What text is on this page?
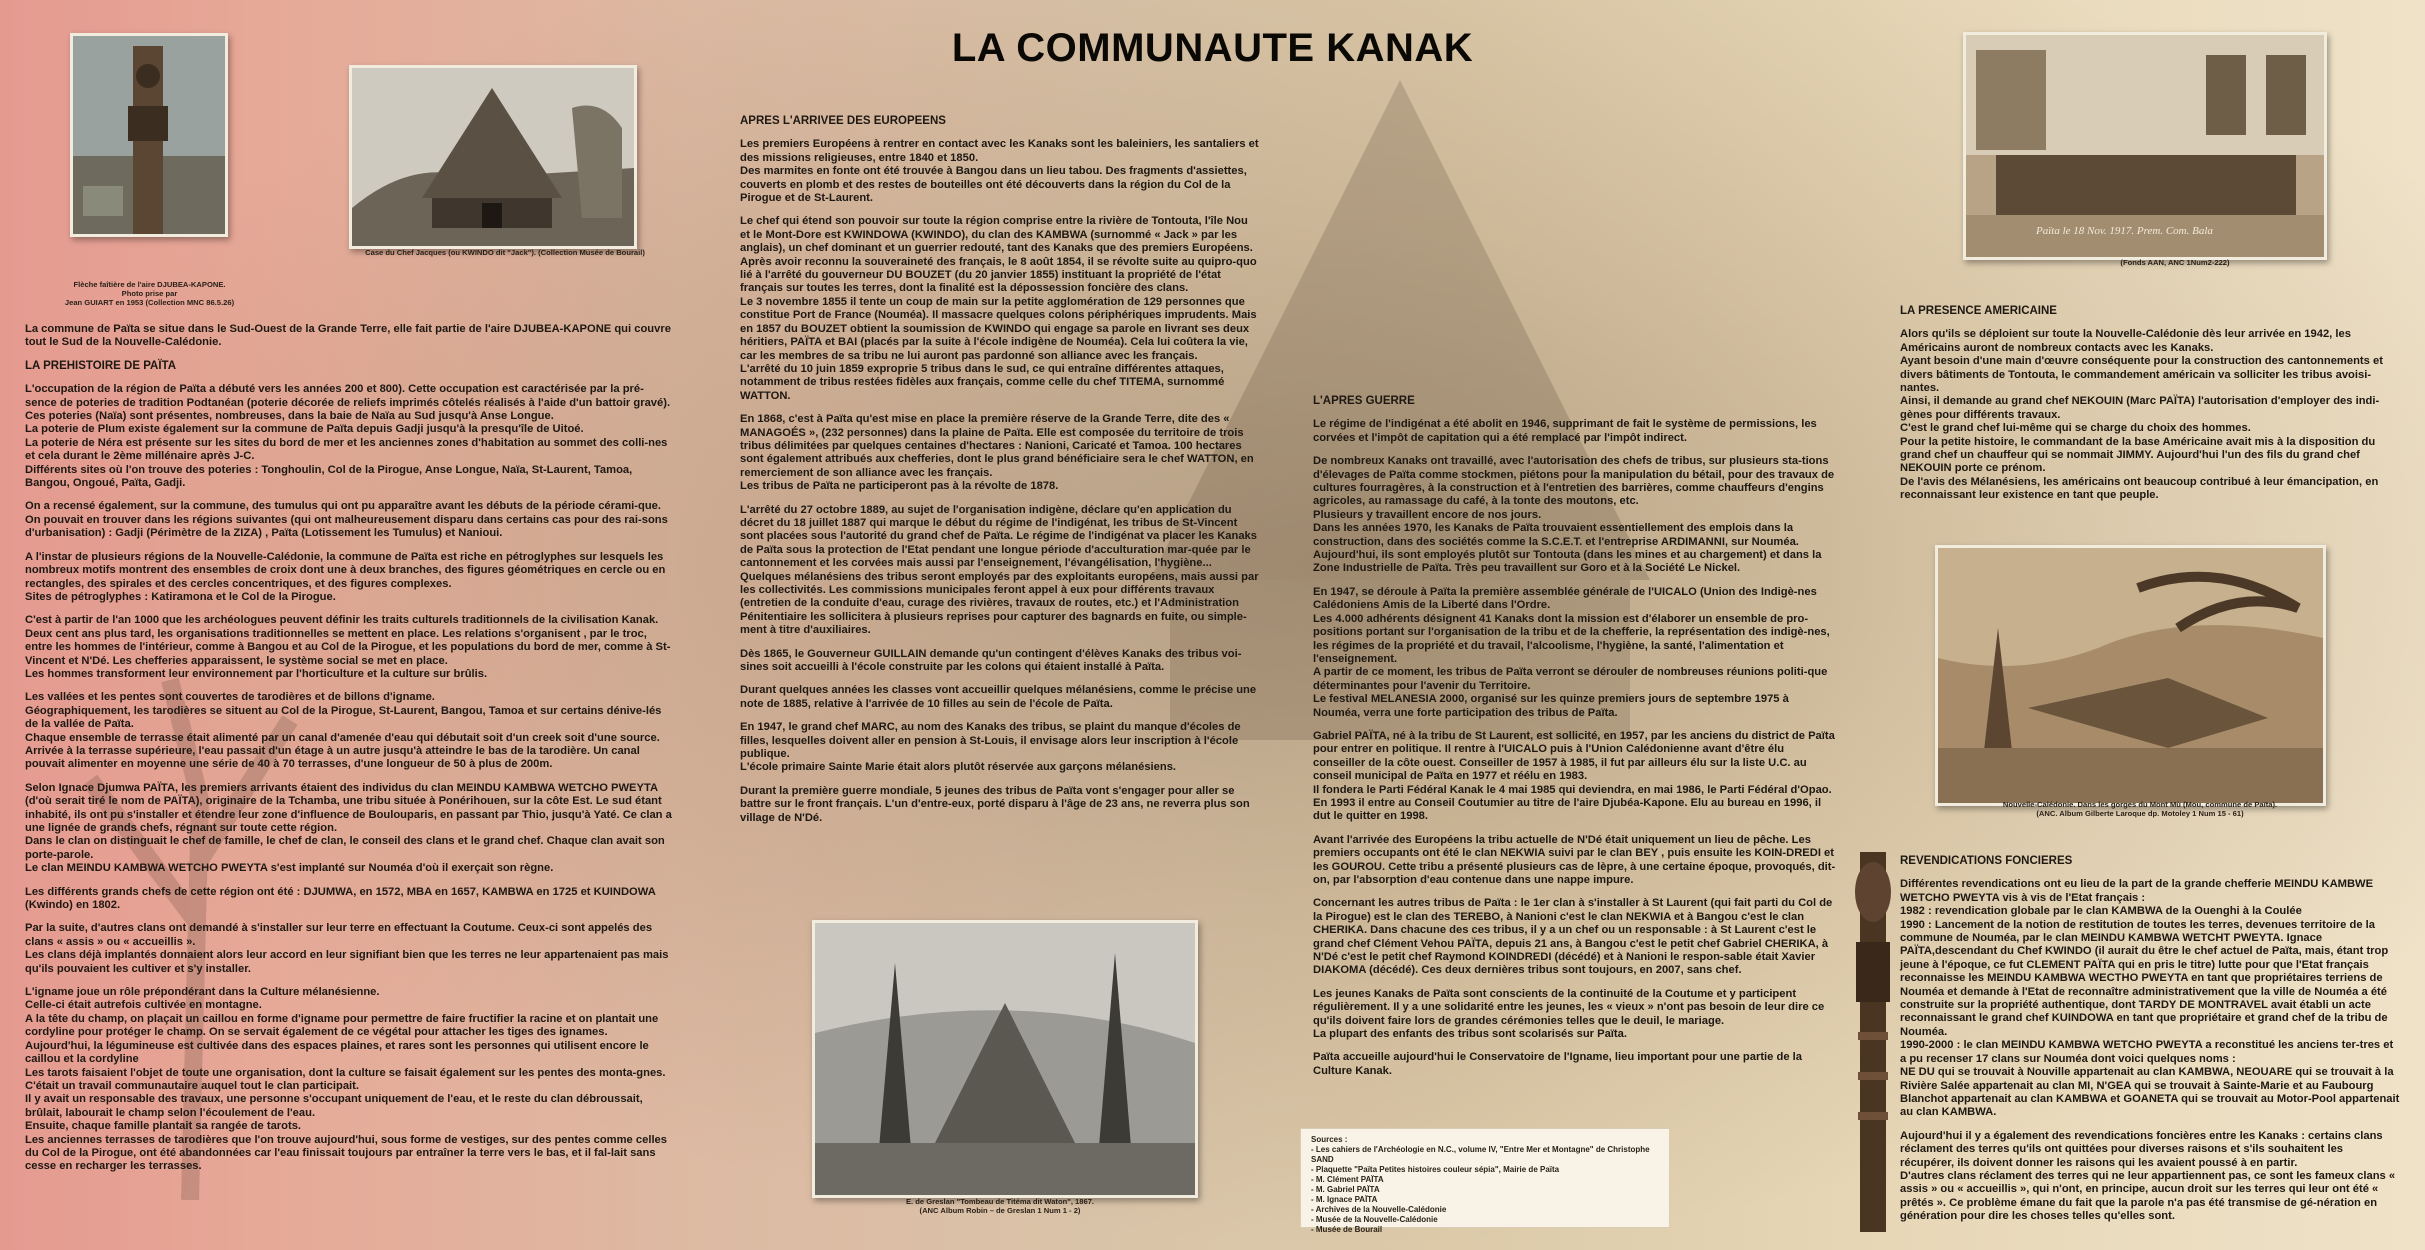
LA COMMUNAUTE KANAK
Flèche faîtière de l'aire DJUBEA-KAPONE. Photo prise par
Jean GUIART en 1953 (Collection MNC 86.5.26)
Case du Chef Jacques (ou KWINDO dit "Jack"). (Collection Musée de Bourail)
Païta le 18 Nov. 1917. Prem. Com. Bala
(Fonds AAN, ANC 1Num2-222)
Nouvelle-Calédonie. Dans les gorges du Mont Mù (Mou, commune de Païta).
(ANC. Album Gilberte Laroque dp. Motoley 1 Num 15 - 61)
E. de Greslan "Tombeau de Titéma dit Waton", 1867.
(ANC Album Robin – de Greslan 1 Num 1 - 2)

La commune de Païta se situe dans le Sud-Ouest de la Grande Terre, elle fait partie de l'aire DJUBEA-KAPONE qui couvre tout le Sud de la Nouvelle-Calédonie.

LA PREHISTOIRE DE PAÏTA

L'occupation de la région de Païta a débuté vers les années 200 et 800). Cette occupation est caractérisée par la pré-sence de poteries de tradition Podtanéan (poterie décorée de reliefs imprimés côtelés réalisés à l'aide d'un battoir gravé). Ces poteries (Naïa) sont présentes, nombreuses, dans la baie de Naïa au Sud jusqu'à Anse Longue.
La poterie de Plum existe également sur la commune de Païta depuis Gadji jusqu'à la presqu'île de Uitoé.
La poterie de Néra est présente sur les sites du bord de mer et les anciennes zones d'habitation au sommet des colli-nes et cela durant le 2ème millénaire après J-C.
Différents sites où l'on trouve des poteries : Tonghoulin, Col de la Pirogue, Anse Longue, Naïa, St-Laurent, Tamoa, Bangou, Ongoué, Païta, Gadji.

On a recensé également, sur la commune, des tumulus qui ont pu apparaître avant les débuts de la période cérami-que.
On pouvait en trouver dans les régions suivantes (qui ont malheureusement disparu dans certains cas pour des rai-sons d'urbanisation) : Gadji (Périmètre de la ZIZA) , Païta (Lotissement les Tumulus) et Nanioui.

A l'instar de plusieurs régions de la Nouvelle-Calédonie, la commune de Païta est riche en pétroglyphes sur lesquels les nombreux motifs montrent des ensembles de croix dont une à deux branches, des figures géométriques en cercle ou en rectangles, des spirales et des cercles concentriques, et des figures complexes.
Sites de pétroglyphes : Katiramona et le Col de la Pirogue.

C'est à partir de l'an 1000 que les archéologues peuvent définir les traits culturels traditionnels de la civilisation Kanak. Deux cent ans plus tard, les organisations traditionnelles se mettent en place. Les relations s'organisent , par le troc, entre les hommes de l'intérieur, comme à Bangou et au Col de la Pirogue, et les populations du bord de mer, comme à St-Vincent et N'Dé. Les chefferies apparaissent, le système social se met en place.
Les hommes transforment leur environnement par l'horticulture et la culture sur brûlis.

Les vallées et les pentes sont couvertes de tarodières et de billons d'igname.
Géographiquement, les tarodières se situent au Col de la Pirogue, St-Laurent, Bangou, Tamoa et sur certains dénive-lés de la vallée de Païta.
Chaque ensemble de terrasse était alimenté par un canal d'amenée d'eau qui débutait soit d'un creek soit d'une source. Arrivée à la terrasse supérieure, l'eau passait d'un étage à un autre jusqu'à atteindre le bas de la tarodière. Un canal pouvait alimenter en moyenne une série de 40 à 70 terrasses, d'une longueur de 50 à plus de 200m.

Selon Ignace Djumwa PAÏTA, les premiers arrivants étaient des individus du clan MEINDU KAMBWA WETCHO PWEYTA (d'où serait tiré le nom de PAÏTA), originaire de la Tchamba, une tribu située à Ponérihouen, sur la côte Est. Le sud étant inhabité, ils ont pu s'installer et étendre leur zone d'influence de Boulouparis, en passant par Thio, jusqu'à Yaté. Ce clan a une lignée de grands chefs, régnant sur toute cette région.
Dans le clan on distinguait le chef de famille, le chef de clan, le conseil des clans et le grand chef. Chaque clan avait son porte-parole.
Le clan MEINDU KAMBWA WETCHO PWEYTA s'est implanté sur Nouméa d'où il exerçait son règne.

Les différents grands chefs de cette région ont été : DJUMWA, en 1572, MBA en 1657, KAMBWA en 1725 et KUINDOWA (Kwindo) en 1802.

Par la suite, d'autres clans ont demandé à s'installer sur leur terre en effectuant la Coutume. Ceux-ci sont appelés des clans « assis » ou « accueillis ».
Les clans déjà implantés donnaient alors leur accord en leur signifiant bien que les terres ne leur appartenaient pas mais qu'ils pouvaient les cultiver et s'y installer.

L'igname joue un rôle prépondérant dans la Culture mélanésienne.
Celle-ci était autrefois cultivée en montagne.
A la tête du champ, on plaçait un caillou en forme d'igname pour permettre de faire fructifier la racine et on plantait une cordyline pour protéger le champ. On se servait également de ce végétal pour attacher les tiges des ignames.
Aujourd'hui, la légumineuse est cultivée dans des espaces plaines, et rares sont les personnes qui utilisent encore le caillou et la cordyline
Les tarots faisaient l'objet de toute une organisation, dont la culture se faisait également sur les pentes des monta-gnes. C'était un travail communautaire auquel tout le clan participait.
Il y avait un responsable des travaux, une personne s'occupant uniquement de l'eau, et le reste du clan débroussait, brûlait, labourait le champ selon l'écoulement de l'eau.
Ensuite, chaque famille plantait sa rangée de tarots.
Les anciennes terrasses de tarodières que l'on trouve aujourd'hui, sous forme de vestiges, sur des pentes comme celles du Col de la Pirogue, ont été abandonnées car l'eau finissait toujours par entraîner la terre vers le bas, et il fal-lait sans cesse en recharger les terrasses.

APRES L'ARRIVEE DES EUROPEENS

Les premiers Européens à rentrer en contact avec les Kanaks sont les baleiniers, les santaliers et des missions religieuses, entre 1840 et 1850.
Des marmites en fonte ont été trouvée à Bangou dans un lieu tabou. Des fragments d'assiettes, couverts en plomb et des restes de bouteilles ont été découverts dans la région du Col de la Pirogue et de St-Laurent.

Le chef qui étend son pouvoir sur toute la région comprise entre la rivière de Tontouta, l'île Nou et le Mont-Dore est KWINDOWA (KWINDO), du clan des KAMBWA (surnommé « Jack » par les anglais), un chef dominant et un guerrier redouté, tant des Kanaks que des premiers Européens.
Après avoir reconnu la souveraineté des français, le 8 août 1854, il se révolte suite au quipro-quo lié à l'arrêté du gouverneur DU BOUZET (du 20 janvier 1855) instituant la propriété de l'état français sur toutes les terres, dont la finalité est la dépossession foncière des clans.
Le 3 novembre 1855 il tente un coup de main sur la petite agglomération de 129 personnes que constitue Port de France (Nouméa). Il massacre quelques colons périphériques imprudents. Mais en 1857 du BOUZET obtient la soumission de KWINDO qui engage sa parole en livrant ses deux héritiers, PAÏTA et BAI (placés par la suite à l'école indigène de Nouméa). Cela lui coûtera la vie, car les membres de sa tribu ne lui auront pas pardonné son alliance avec les français.
L'arrêté du 10 juin 1859 exproprie 5 tribus dans le sud, ce qui entraîne différentes attaques, notamment de tribus restées fidèles aux français, comme celle du chef TITEMA, surnommé WATTON.

En 1868, c'est à Païta qu'est mise en place la première réserve de la Grande Terre, dite des « MANAGOÉS », (232 personnes) dans la plaine de Païta. Elle est composée du territoire de trois tribus délimitées par quelques centaines d'hectares : Nanioni, Caricaté et Tamoa. 100 hectares sont également attribués aux chefferies, dont le plus grand bénéficiaire sera le chef WATTON, en remerciement de son alliance avec les français.
Les tribus de Païta ne participeront pas à la révolte de 1878.

L'arrêté du 27 octobre 1889, au sujet de l'organisation indigène, déclare qu'en application du décret du 18 juillet 1887 qui marque le début du régime de l'indigénat, les tribus de St-Vincent sont placées sous l'autorité du grand chef de Païta. Le régime de l'indigénat va placer les Kanaks de Païta sous la protection de l'Etat pendant une longue période d'acculturation mar-quée par le cantonnement et les corvées mais aussi par l'enseignement, l'évangélisation, l'hygiène...
Quelques mélanésiens des tribus seront employés par des exploitants européens, mais aussi par les collectivités. Les commissions municipales feront appel à eux pour différents travaux (entretien de la conduite d'eau, curage des rivières, travaux de routes, etc.) et l'Administration Pénitentiaire les sollicitera à plusieurs reprises pour capturer des bagnards en fuite, ou simple-ment à titre d'auxiliaires.

Dès 1865, le Gouverneur GUILLAIN demande qu'un contingent d'élèves Kanaks des tribus voi-sines soit accueilli à l'école construite par les colons qui étaient installé à Païta.

Durant quelques années les classes vont accueillir quelques mélanésiens, comme le précise une note de 1885, relative à l'arrivée de 10 filles au sein de l'école de Païta.

En 1947, le grand chef MARC, au nom des Kanaks des tribus, se plaint du manque d'écoles de filles, lesquelles doivent aller en pension à St-Louis, il envisage alors leur inscription à l'école publique.
L'école primaire Sainte Marie était alors plutôt réservée aux garçons mélanésiens.

Durant la première guerre mondiale, 5 jeunes des tribus de Païta vont s'engager pour aller se battre sur le front français. L'un d'entre-eux, porté disparu à l'âge de 23 ans, ne reverra plus son village de N'Dé.

L'APRES GUERRE

Le régime de l'indigénat a été abolit en 1946, supprimant de fait le système de permissions, les corvées et l'impôt de capitation qui a été remplacé par l'impôt indirect.

De nombreux Kanaks ont travaillé, avec l'autorisation des chefs de tribus, sur plusieurs sta-tions d'élevages de Païta comme stockmen, piétons pour la manipulation du bétail, pour des travaux de cultures fourragères, à la construction et à l'entretien des barrières, comme chauffeurs d'engins agricoles, au ramassage du café, à la tonte des moutons, etc.
Plusieurs y travaillent encore de nos jours.
Dans les années 1970, les Kanaks de Païta trouvaient essentiellement des emplois dans la construction, dans des sociétés comme la S.C.E.T. et l'entreprise ARDIMANNI, sur Nouméa. Aujourd'hui, ils sont employés plutôt sur Tontouta (dans les mines et au chargement) et dans la Zone Industrielle de Païta. Très peu travaillent sur Goro et à la Société Le Nickel.

En 1947, se déroule à Païta la première assemblée générale de l'UICALO (Union des Indigè-nes Calédoniens Amis de la Liberté dans l'Ordre.
Les 4.000 adhérents désignent 41 Kanaks dont la mission est d'élaborer un ensemble de pro-positions portant sur l'organisation de la tribu et de la chefferie, la représentation des indigè-nes, les régimes de la propriété et du travail, l'alcoolisme, l'hygiène, la santé, l'alimentation et l'enseignement.
A partir de ce moment, les tribus de Païta verront se dérouler de nombreuses réunions politi-que déterminantes pour l'avenir du Territoire.
Le festival MELANESIA 2000, organisé sur les quinze premiers jours de septembre 1975 à Nouméa, verra une forte participation des tribus de Païta.

Gabriel PAÏTA, né à la tribu de St Laurent, est sollicité, en 1957, par les anciens du district de Païta pour entrer en politique. Il rentre à l'UICALO puis à l'Union Calédonienne avant d'être élu conseiller de la côte ouest. Conseiller de 1957 à 1985, il fut par ailleurs élu sur la liste U.C. au conseil municipal de Païta en 1977 et réélu en 1983.
Il fondera le Parti Fédéral Kanak le 4 mai 1985 qui deviendra, en mai 1986, le Parti Fédéral d'Opao. En 1993 il entre au Conseil Coutumier au titre de l'aire Djubéa-Kapone. Elu au bureau en 1996, il dut le quitter en 1998.

Avant l'arrivée des Européens la tribu actuelle de N'Dé était uniquement un lieu de pêche. Les premiers occupants ont été le clan NEKWIA suivi par le clan BEY , puis ensuite les KOIN-DREDI et les GOUROU. Cette tribu a présenté plusieurs cas de lèpre, à une certaine époque, provoqués, dit-on, par l'absorption d'eau contenue dans une nappe impure.

Concernant les autres tribus de Païta : le 1er clan à s'installer à St Laurent (qui fait parti du Col de la Pirogue) est le clan des TEREBO, à Nanioni c'est le clan NEKWIA et à Bangou c'est le clan CHERIKA. Dans chacune des ces tribus, il y a un chef ou un responsable : à St Laurent c'est le grand chef Clément Vehou PAÏTA, depuis 21 ans, à Bangou c'est le petit chef Gabriel CHERIKA, à N'Dé c'est le petit chef Raymond KOINDREDI (décédé) et à Nanioni le respon-sable était Xavier DIAKOMA (décédé). Ces deux dernières tribus sont toujours, en 2007, sans chef.

Les jeunes Kanaks de Païta sont conscients de la continuité de la Coutume et y participent régulièrement. Il y a une solidarité entre les jeunes, les « vieux » n'ont pas besoin de leur dire ce qu'ils doivent faire lors de grandes cérémonies telles que le deuil, le mariage.
La plupart des enfants des tribus sont scolarisés sur Païta.

Païta accueille aujourd'hui le Conservatoire de l'Igname, lieu important pour une partie de la Culture Kanak.

Sources :
- Les cahiers de l'Archéologie en N.C., volume IV, "Entre Mer et Montagne" de Christophe SAND
- Plaquette "Païta Petites histoires couleur sépia", Mairie de Païta
- M. Clément PAÏTA
- M. Gabriel PAÏTA
- M. Ignace PAÏTA
- Archives de la Nouvelle-Calédonie
- Musée de la Nouvelle-Calédonie
- Musée de Bourail
LA PRESENCE AMERICAINE

Alors qu'ils se déploient sur toute la Nouvelle-Calédonie dès leur arrivée en 1942, les Américains auront de nombreux contacts avec les Kanaks.
Ayant besoin d'une main d'œuvre conséquente pour la construction des cantonnements et divers bâtiments de Tontouta, le commandement américain va solliciter les tribus avoisi-nantes.
Ainsi, il demande au grand chef NEKOUIN (Marc PAÏTA) l'autorisation d'employer des indi-gènes pour différents travaux.
C'est le grand chef lui-même qui se charge du choix des hommes.
Pour la petite histoire, le commandant de la base Américaine avait mis à la disposition du grand chef un chauffeur qui se nommait JIMMY. Aujourd'hui l'un des fils du grand chef NEKOUIN porte ce prénom.
De l'avis des Mélanésiens, les américains ont beaucoup contribué à leur émancipation, en reconnaissant leur existence en tant que peuple.

REVENDICATIONS FONCIERES

Différentes revendications ont eu lieu de la part de la grande chefferie MEINDU KAMBWE WETCHO PWEYTA vis à vis de l'Etat français :
1982 : revendication globale par le clan KAMBWA de la Ouenghi à la Coulée
1990 : Lancement de la notion de restitution de toutes les terres, devenues territoire de la commune de Nouméa, par le clan MEINDU KAMBWA WETCHT PWEYTA. Ignace PAÏTA,descendant du Chef KWINDO (il aurait du être le chef actuel de Païta, mais, étant trop jeune à l'époque, ce fut CLEMENT PAÏTA qui en pris le titre) lutte pour que l'Etat français reconnaisse les MEINDU KAMBWA WECTHO PWEYTA en tant que propriétaires terriens de Nouméa et demande à l'Etat de reconnaître administrativement que la ville de Nouméa a été construite sur la propriété authentique, dont TARDY DE MONTRAVEL avait établi un acte reconnaissant le grand chef KUINDOWA en tant que propriétaire et grand chef de la tribu de Nouméa.
1990-2000 : le clan MEINDU KAMBWA WETCHO PWEYTA a reconstitué les anciens ter-tres et a pu recenser 17 clans sur Nouméa dont voici quelques noms :
NE DU qui se trouvait à Nouville appartenait au clan KAMBWA, NEOUARE qui se trouvait à la Rivière Salée appartenait au clan MI, N'GEA qui se trouvait à Sainte-Marie et au Faubourg Blanchot appartenait au clan KAMBWA et GOANETA qui se trouvait au Motor-Pool appartenait au clan KAMBWA.

Aujourd'hui il y a également des revendications foncières entre les Kanaks : certains clans réclament des terres qu'ils ont quittées pour diverses raisons et s'ils souhaitent les récupérer, ils doivent donner les raisons qui les avaient poussé à en partir.
D'autres clans réclament des terres qui ne leur appartiennent pas, ce sont les fameux clans « assis » ou « accueillis », qui n'ont, en principe, aucun droit sur les terres qui leur ont été « prêtés ». Ce problème émane du fait que la parole n'a pas été transmise de gé-nération en génération pour dire les choses telles qu'elles sont.
